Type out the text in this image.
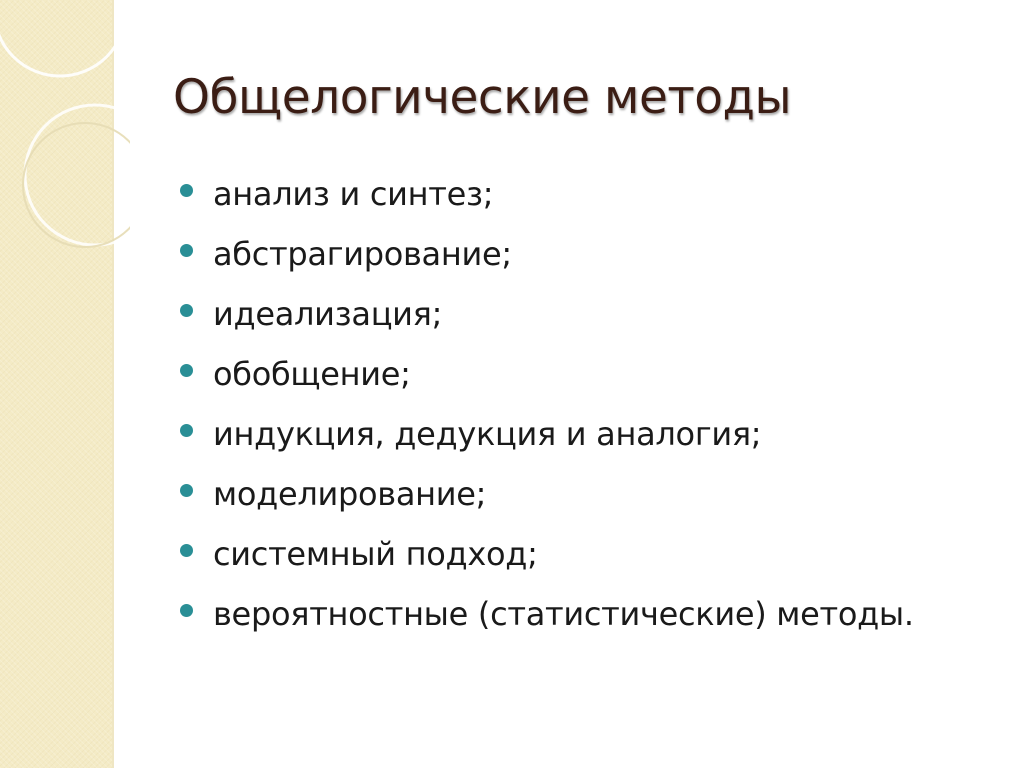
Общелогические методы
анализ и синтез;
абстрагирование;
идеализация;
обобщение;
индукция, дедукция и аналогия;
моделирование;
системный подход;
вероятностные (статистические) методы.
